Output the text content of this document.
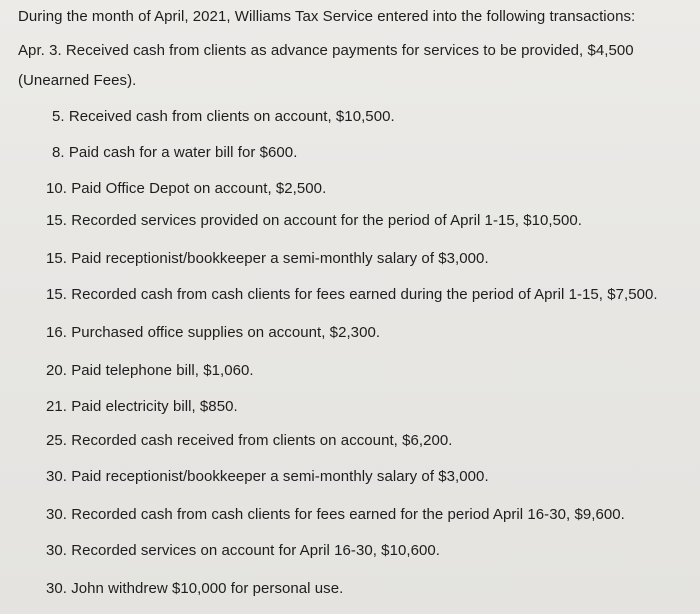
During the month of April, 2021, Williams Tax Service entered into the following transactions:
Apr. 3. Received cash from clients as advance payments for services to be provided, $4,500
(Unearned Fees).
5. Received cash from clients on account, $10,500.
8. Paid cash for a water bill for $600.
10. Paid Office Depot on account, $2,500.
15. Recorded services provided on account for the period of April 1-15, $10,500.
15. Paid receptionist/bookkeeper a semi-monthly salary of $3,000.
15. Recorded cash from cash clients for fees earned during the period of April 1-15, $7,500.
16. Purchased office supplies on account, $2,300.
20. Paid telephone bill, $1,060.
21. Paid electricity bill, $850.
25. Recorded cash received from clients on account, $6,200.
30. Paid receptionist/bookkeeper a semi-monthly salary of $3,000.
30. Recorded cash from cash clients for fees earned for the period April 16-30, $9,600.
30. Recorded services on account for April 16-30, $10,600.
30. John withdrew $10,000 for personal use.
